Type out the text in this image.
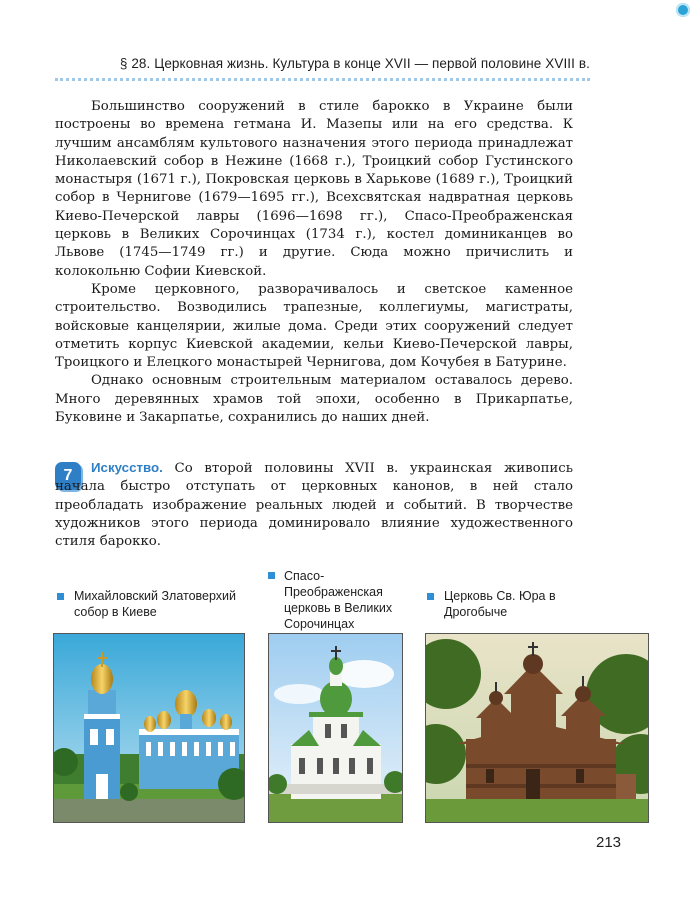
§ 28. Церковная жизнь. Культура в конце XVII — первой половине XVIII в.

Большинство сооружений в стиле барокко в Украине были построены во времена гетмана И. Мазепы или на его средства. К лучшим ансамблям культового назначения этого периода принадлежат Николаевский собор в Нежине (1668 г.), Троицкий собор Густинского монастыря (1671 г.), Покровская церковь в Харькове (1689 г.), Троицкий собор в Чернигове (1679—1695 гг.), Всехсвятская надвратная церковь Киево-Печерской лавры (1696—1698 гг.), Спасо-Преображенская церковь в Великих Сорочинцах (1734 г.), костел доминиканцев во Львове (1745—1749 гг.) и другие. Сюда можно причислить и колокольню Софии Киевской.

Кроме церковного, разворачивалось и светское каменное строительство. Возводились трапезные, коллегиумы, магистраты, войсковые канцелярии, жилые дома. Среди этих сооружений следует отметить корпус Киевской академии, кельи Киево-Печерской лавры, Троицкого и Елецкого монастырей Чернигова, дом Кочубея в Батурине.

Однако основным строительным материалом оставалось дерево. Много деревянных храмов той эпохи, особенно в Прикарпатье, Буковине и Закарпатье, сохранились до наших дней.

7	Искусство. Со второй половины XVII в. украинская живопись начала быстро отступать от церковных канонов, в ней стало преобладать изображение реальных людей и событий. В творчестве художников этого периода доминировало влияние художественного стиля барокко.
Михайловский Златоверхий собор в Киеве
Спасо-Преображенская церковь в Великих Сорочинцах
Церковь Св. Юра в Дрогобыче
213
